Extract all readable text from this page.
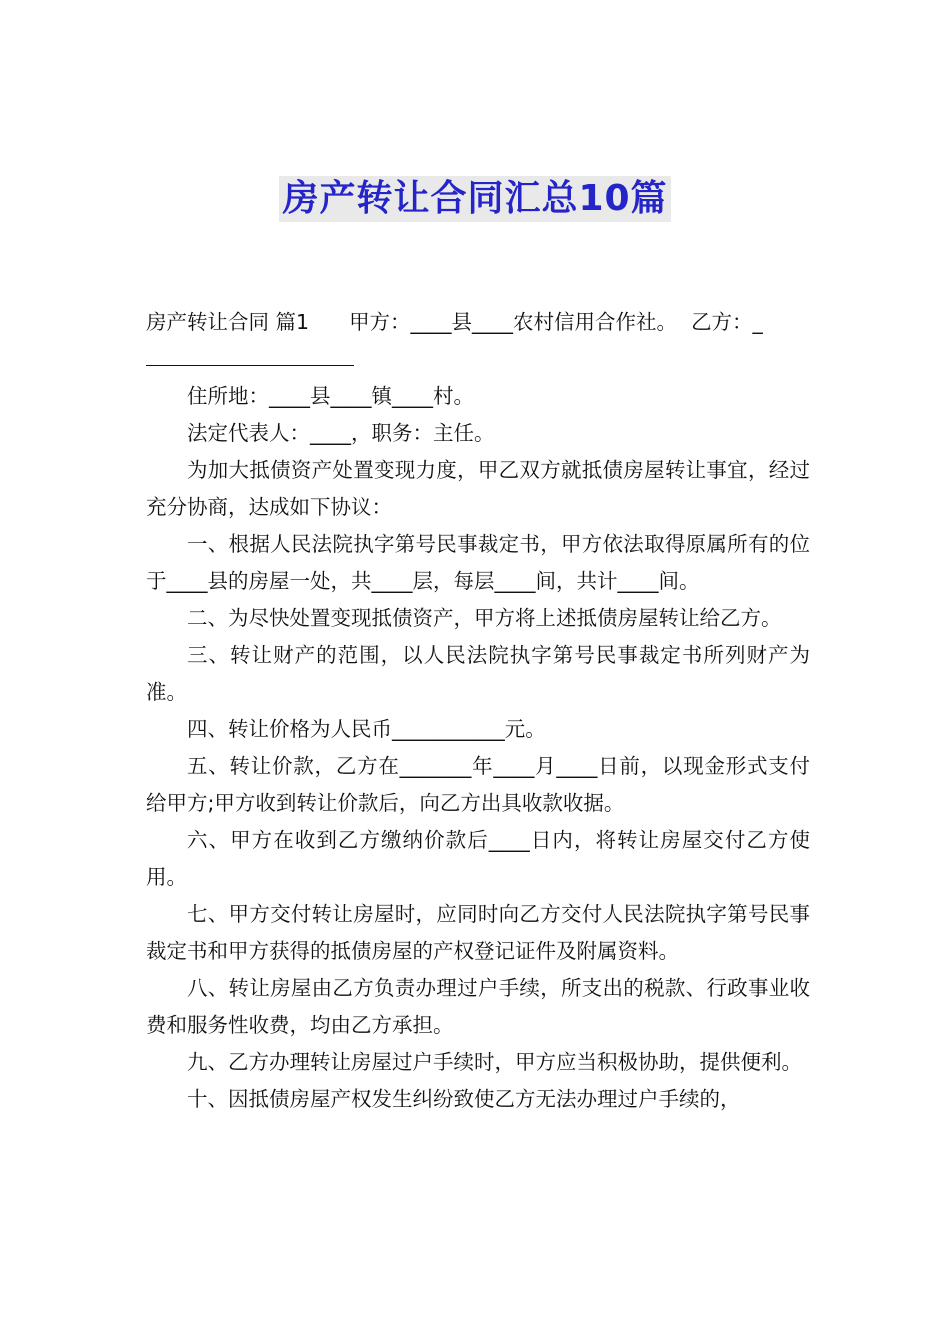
房产转让合同汇总10篇

房产转让合同 篇1 甲方：____县____农村信用合作社。 乙方：_

住所地：____县____镇____村。

法定代表人：____，职务：主任。

为加大抵债资产处置变现力度，甲乙双方就抵债房屋转让事宜，经过充分协商，达成如下协议：

一、根据人民法院执字第号民事裁定书，甲方依法取得原属所有的位于____县的房屋一处，共____层，每层____间，共计____间。

二、为尽快处置变现抵债资产，甲方将上述抵债房屋转让给乙方。

三、转让财产的范围，以人民法院执字第号民事裁定书所列财产为准。

四、转让价格为人民币___________元。

五、转让价款，乙方在_______年____月____日前，以现金形式支付给甲方;甲方收到转让价款后，向乙方出具收款收据。

六、甲方在收到乙方缴纳价款后____日内，将转让房屋交付乙方使用。

七、甲方交付转让房屋时，应同时向乙方交付人民法院执字第号民事裁定书和甲方获得的抵债房屋的产权登记证件及附属资料。

八、转让房屋由乙方负责办理过户手续，所支出的税款、行政事业收费和服务性收费，均由乙方承担。

九、乙方办理转让房屋过户手续时，甲方应当积极协助，提供便利。

十、因抵债房屋产权发生纠纷致使乙方无法办理过户手续的，
